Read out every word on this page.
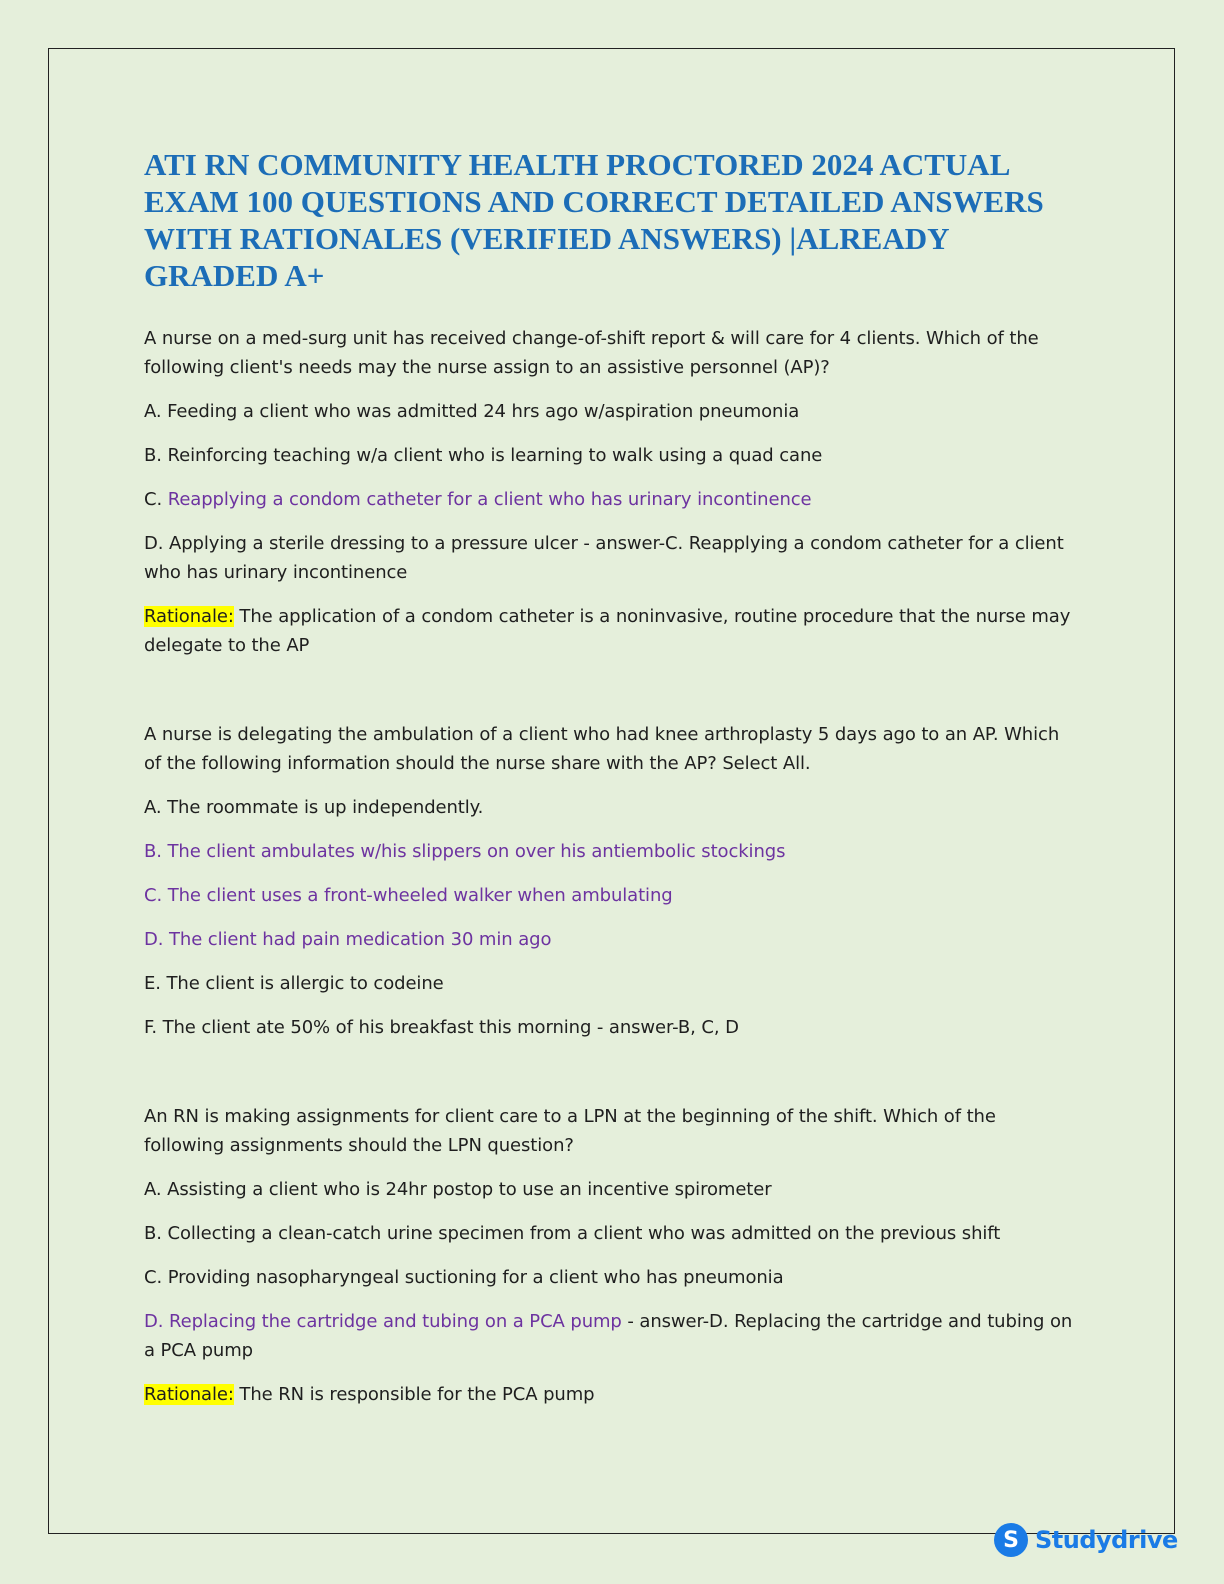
ATI RN COMMUNITY HEALTH PROCTORED 2024 ACTUAL EXAM 100 QUESTIONS AND CORRECT DETAILED ANSWERS WITH RATIONALES (VERIFIED ANSWERS) |ALREADY GRADED A+

A nurse on a med-surg unit has received change-of-shift report & will care for 4 clients. Which of the following client's needs may the nurse assign to an assistive personnel (AP)?

A. Feeding a client who was admitted 24 hrs ago w/aspiration pneumonia

B. Reinforcing teaching w/a client who is learning to walk using a quad cane

C. Reapplying a condom catheter for a client who has urinary incontinence

D. Applying a sterile dressing to a pressure ulcer - answer-C. Reapplying a condom catheter for a client who has urinary incontinence

Rationale: The application of a condom catheter is a noninvasive, routine procedure that the nurse may delegate to the AP

A nurse is delegating the ambulation of a client who had knee arthroplasty 5 days ago to an AP. Which of the following information should the nurse share with the AP? Select All.

A. The roommate is up independently.

B. The client ambulates w/his slippers on over his antiembolic stockings

C. The client uses a front-wheeled walker when ambulating

D. The client had pain medication 30 min ago

E. The client is allergic to codeine

F. The client ate 50% of his breakfast this morning - answer-B, C, D

An RN is making assignments for client care to a LPN at the beginning of the shift. Which of the following assignments should the LPN question?

A. Assisting a client who is 24hr postop to use an incentive spirometer

B. Collecting a clean-catch urine specimen from a client who was admitted on the previous shift

C. Providing nasopharyngeal suctioning for a client who has pneumonia

D. Replacing the cartridge and tubing on a PCA pump - answer-D. Replacing the cartridge and tubing on a PCA pump

Rationale: The RN is responsible for the PCA pump

S Studydrive
